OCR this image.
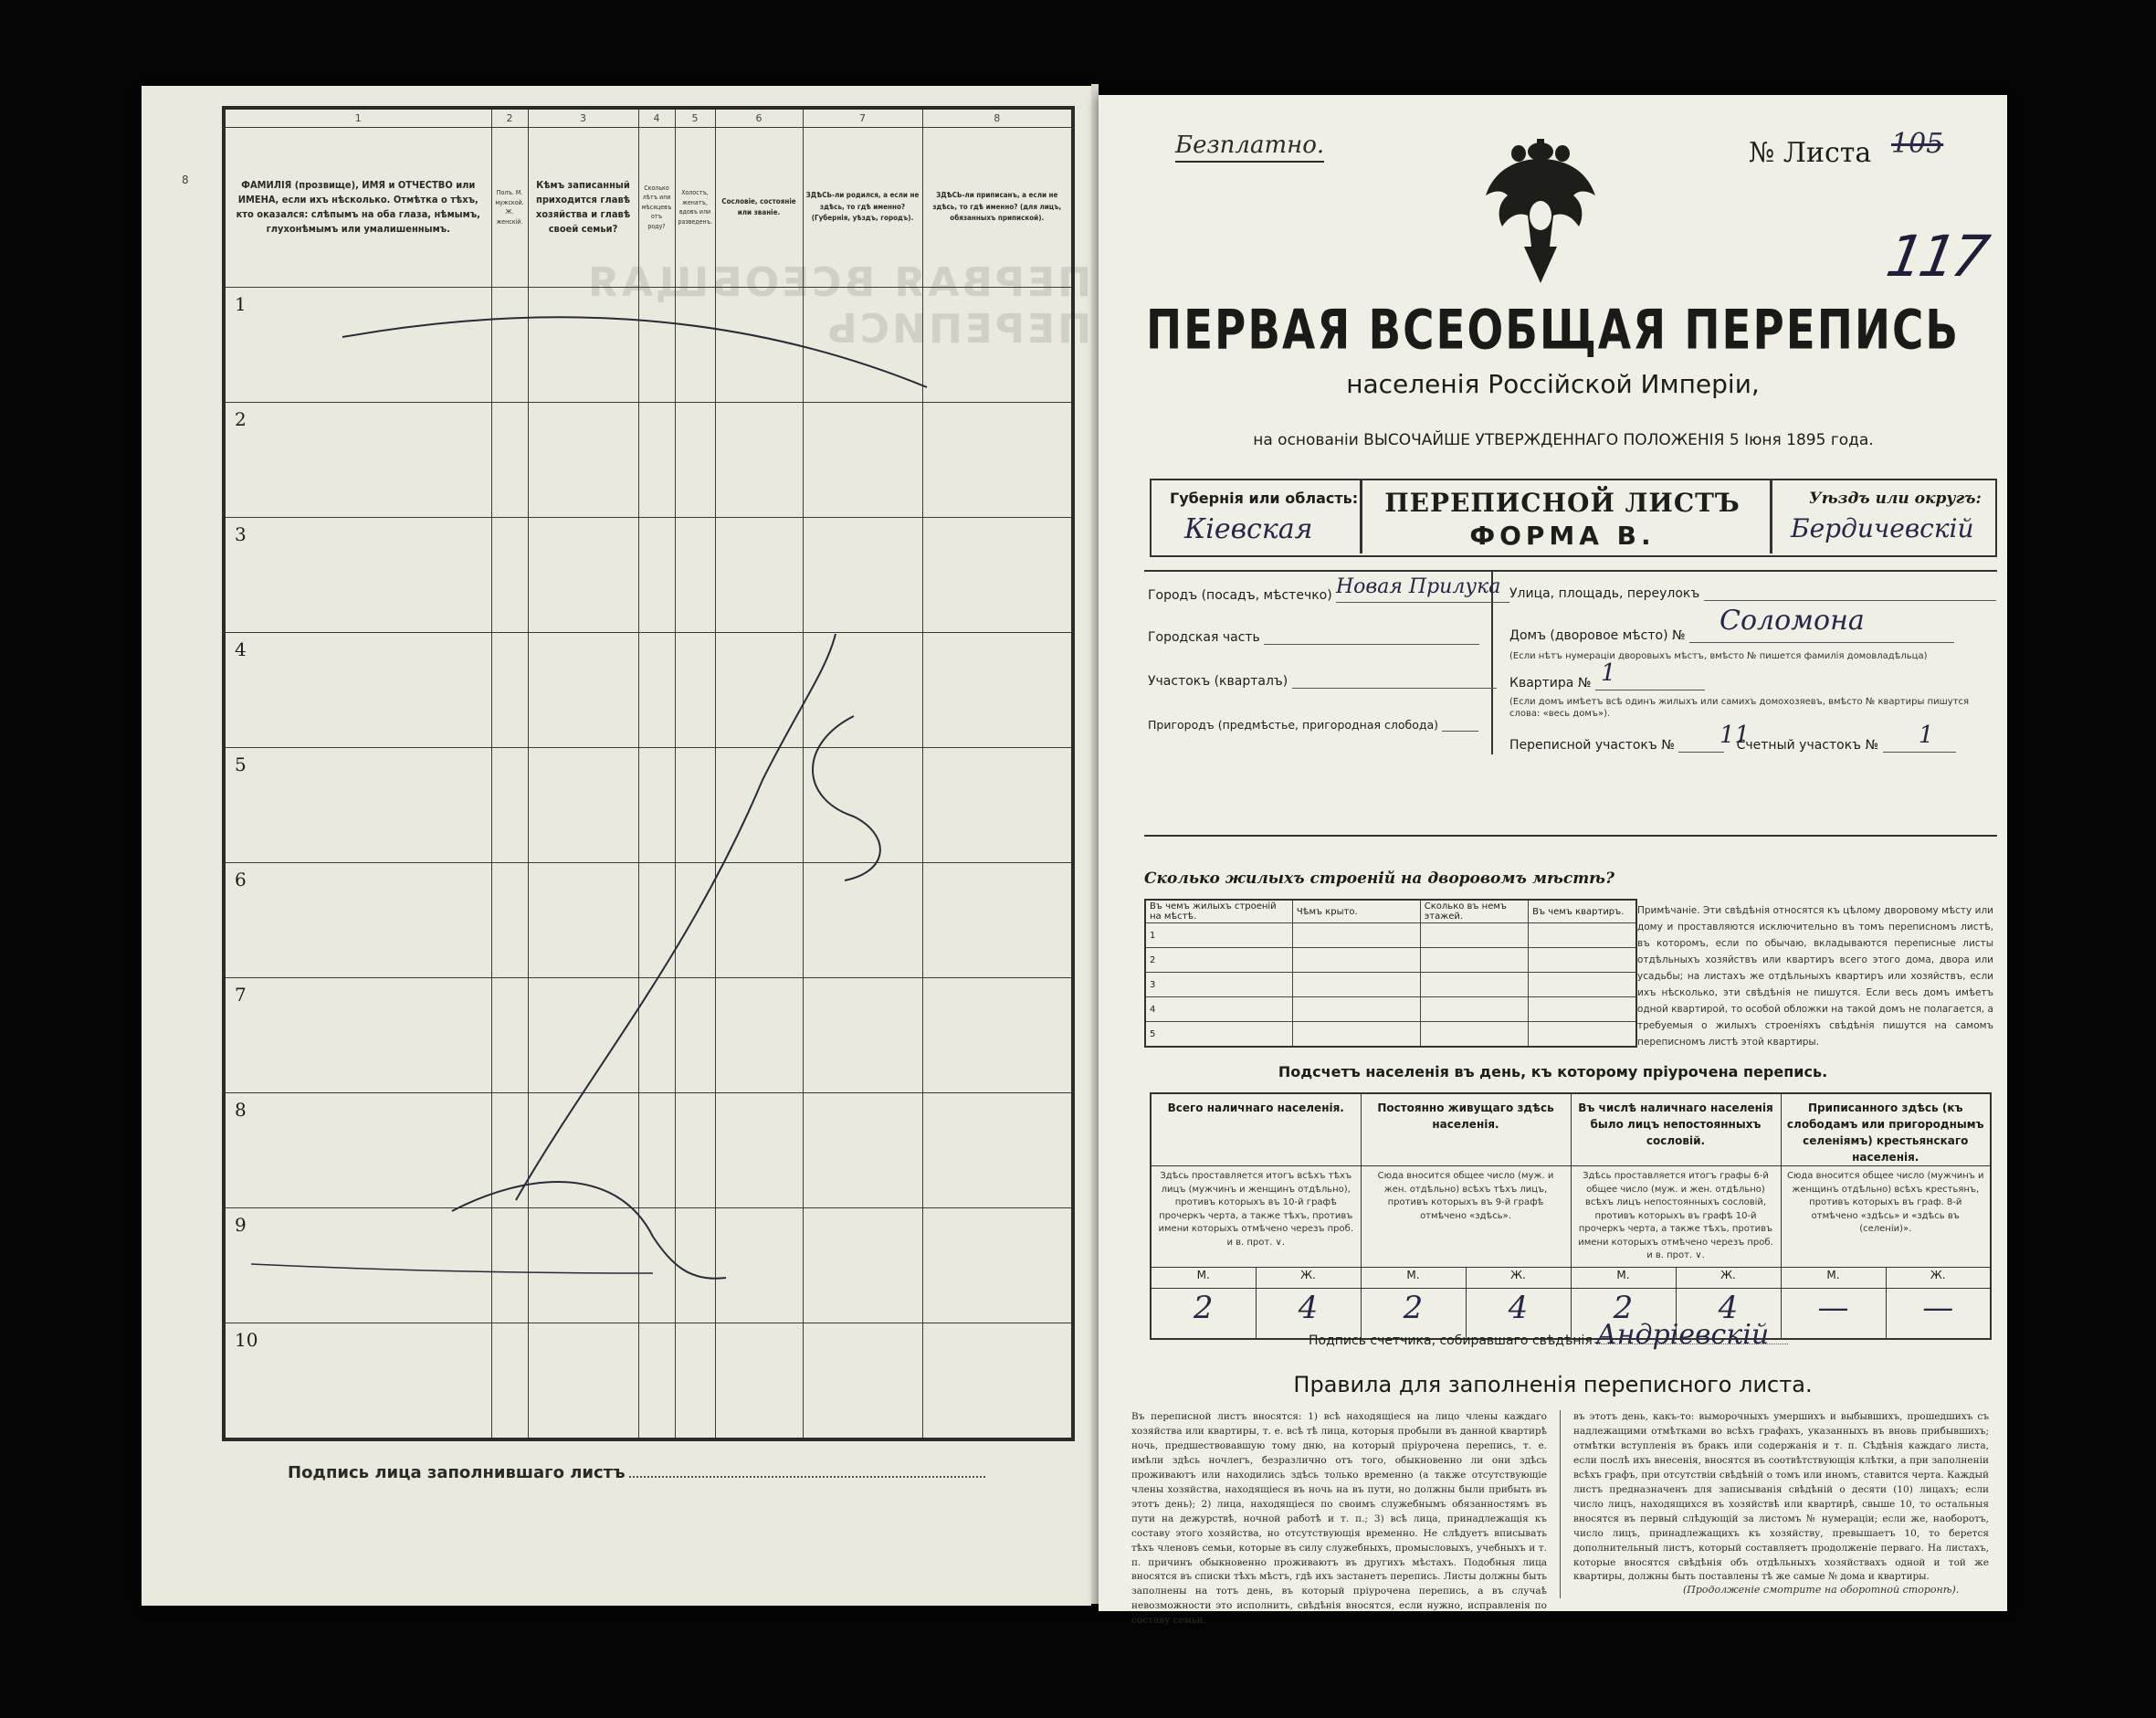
8
ПЕРВАЯ ВСЕОБЩАЯ ПЕРЕПИСЬ
1	2	3	4	5	6	7	8
ФАМИЛІЯ (прозвище), ИМЯ и ОТЧЕСТВО или ИМЕНА, если ихъ нѣсколько. Отмѣтка о тѣхъ, кто оказался: слѣпымъ на оба глаза, нѣмымъ, глухонѣмымъ или умалишеннымъ.	Полъ. М. мужской. Ж. женскій.	Кѣмъ записанный приходится главѣ хозяйства и главѣ своей семьи?	Сколько лѣтъ или мѣсяцевъ отъ роду?	Холостъ, женатъ, вдовъ или разведенъ.	Сословіе, состояніе или званіе.	ЗДѢСЬ-ли родился, а если не здѣсь, то гдѣ именно? (Губернія, уѣздъ, городъ).	ЗДѢСЬ-ли приписанъ, а если не здѣсь, то гдѣ именно? (для лицъ, обязанныхъ припиской).

1							

2							

3							

4							

5							

6							

7							

8							

9							

10							

Подпись лица заполнившаго листъ
Безплатно.	№ Листа 105
117
ПЕРВАЯ ВСЕОБЩАЯ ПЕРЕПИСЬ
населенія Россійской Имперіи,
на основаніи ВЫСОЧАЙШЕ УТВЕРЖДЕННАГО ПОЛОЖЕНІЯ 5 Іюня 1895 года.
Губернія или область:
Кіевская
ПЕРЕПИСНОЙ ЛИСТЪ
ФОРМА В.
Уѣздъ или округъ:
Бердичевскій
Городъ (посадъ, мѣстечко) Новая Прилука
Городская часть
Участокъ (кварталъ)
Пригородъ (предмѣстье, пригородная слобода)
Улица, площадь, переулокъ
Домъ (дворовое мѣсто) №	Соломона
(Если нѣтъ нумераціи дворовыхъ мѣстъ, вмѣсто № пишется фамилія домовладѣльца)
Квартира № 1
(Если домъ имѣетъ всѣ одинъ жилыхъ или самихъ домохозяевъ, вмѣсто № квартиры пишутся слова: «весь домъ»).
Переписной участокъ №	Счетный участокъ №
11	1
Сколько жилыхъ строеній на дворовомъ мѣстѣ?
Въ чемъ жилыхъ строеній на мѣстѣ.	Чѣмъ крыто.	Сколько въ немъ этажей.	Въ чемъ квартиръ.
1			
2			
3			
4			
5			
Примѣчаніе. Эти свѣдѣнія относятся къ цѣлому дворовому мѣсту или дому и проставляются исключительно въ томъ переписномъ листѣ, въ которомъ, если по обычаю, вкладываются переписные листы отдѣльныхъ хозяйствъ или квартиръ всего этого дома, двора или усадьбы; на листахъ же отдѣльныхъ квартиръ или хозяйствъ, если ихъ нѣсколько, эти свѣдѣнія не пишутся. Если весь домъ имѣетъ одной квартирой, то особой обложки на такой домъ не полагается, а требуемыя о жилыхъ строеніяхъ свѣдѣнія пишутся на самомъ переписномъ листѣ этой квартиры.
Подсчетъ населенія въ день, къ которому пріурочена перепись.
Всего наличнаго населенія.		Постоянно живущаго здѣсь населенія.		Въ числѣ наличнаго населенія было лицъ непостоянныхъ сословій.		Приписанного здѣсь (къ слободамъ или пригороднымъ селеніямъ) крестьянскаго населенія.	
Здѣсь проставляется итогъ всѣхъ тѣхъ лицъ (мужчинъ и женщинъ отдѣльно), противъ которыхъ въ 10-й графѣ прочеркъ черта, а также тѣхъ, противъ имени которыхъ отмѣчено черезъ проб. и в. прот. ∨.		Сюда вносится общее число (муж. и жен. отдѣльно) всѣхъ тѣхъ лицъ, противъ которыхъ въ 9-й графѣ отмѣчено «здѣсь».		Здѣсь проставляется итогъ графы 6-й общее число (муж. и жен. отдѣльно) всѣхъ лицъ непостоянныхъ сословій, противъ которыхъ въ графѣ 10-й прочеркъ черта, а также тѣхъ, противъ имени которыхъ отмѣчено черезъ проб. и в. прот. ∨.		Сюда вносится общее число (мужчинъ и женщинъ отдѣльно) всѣхъ крестьянъ, противъ которыхъ въ граф. 8-й отмѣчено «здѣсь» и «здѣсь въ (селеніи)».	
М.	Ж.	М.	Ж.	М.	Ж.	М.	Ж.
2	4	2	4	2	4	—	—
Подпись счетчика, собиравшаго свѣдѣнія Андріевскій
Правила для заполненія переписного листа.
Въ переписной листъ вносятся: 1) всѣ находящіеся на лицо члены каждаго хозяйства или квартиры, т. е. всѣ тѣ лица, которыя пробыли въ данной квартирѣ ночь, предшествовавшую тому дню, на который пріурочена перепись, т. е. имѣли здѣсь ночлегъ, безразлично отъ того, обыкновенно ли они здѣсь проживаютъ или находились здѣсь только временно (а также отсутствующіе члены хозяйства, находящіеся въ ночь на въ пути, но должны были прибыть въ этотъ день); 2) лица, находящіеся по своимъ служебнымъ обязанностямъ въ пути на дежурствѣ, ночной работѣ и т. п.; 3) всѣ лица, принадлежащія къ составу этого хозяйства, но отсутствующія временно. Не слѣдуетъ вписывать тѣхъ членовъ семьи, которые въ силу служебныхъ, промысловыхъ, учебныхъ и т. п. причинъ обыкновенно проживаютъ въ другихъ мѣстахъ. Подобныя лица вносятся въ списки тѣхъ мѣстъ, гдѣ ихъ застанетъ перепись. Листы должны быть заполнены на тотъ день, въ который пріурочена перепись, а въ случаѣ невозможности это исполнить, свѣдѣнія вносятся, если нужно, исправленія по составу семьи.
въ этотъ день, какъ-то: выморочныхъ умершихъ и выбывшихъ, прошедшихъ съ надлежащими отмѣтками во всѣхъ графахъ, указанныхъ въ вновь прибывшихъ; отмѣтки вступленія въ бракъ или содержанія и т. п. Сѣдѣнія каждаго листа, если послѣ ихъ внесенія, вносятся въ соотвѣтствующія клѣтки, а при заполненіи всѣхъ графъ, при отсутствіи свѣдѣній о томъ или иномъ, ставится черта. Каждый листъ предназначенъ для записыванія свѣдѣній о десяти (10) лицахъ; если число лицъ, находящихся въ хозяйствѣ или квартирѣ, свыше 10, то остальныя вносятся въ первый слѣдующій за листомъ № нумераціи; если же, наоборотъ, число лицъ, принадлежащихъ къ хозяйству, превышаетъ 10, то берется дополнительный листъ, который составляетъ продолженіе перваго. На листахъ, которые вносятся свѣдѣнія объ отдѣльныхъ хозяйствахъ одной и той же квартиры, должны быть поставлены тѣ же самые № дома и квартиры.
(Продолженіе смотрите на оборотной сторонѣ).
